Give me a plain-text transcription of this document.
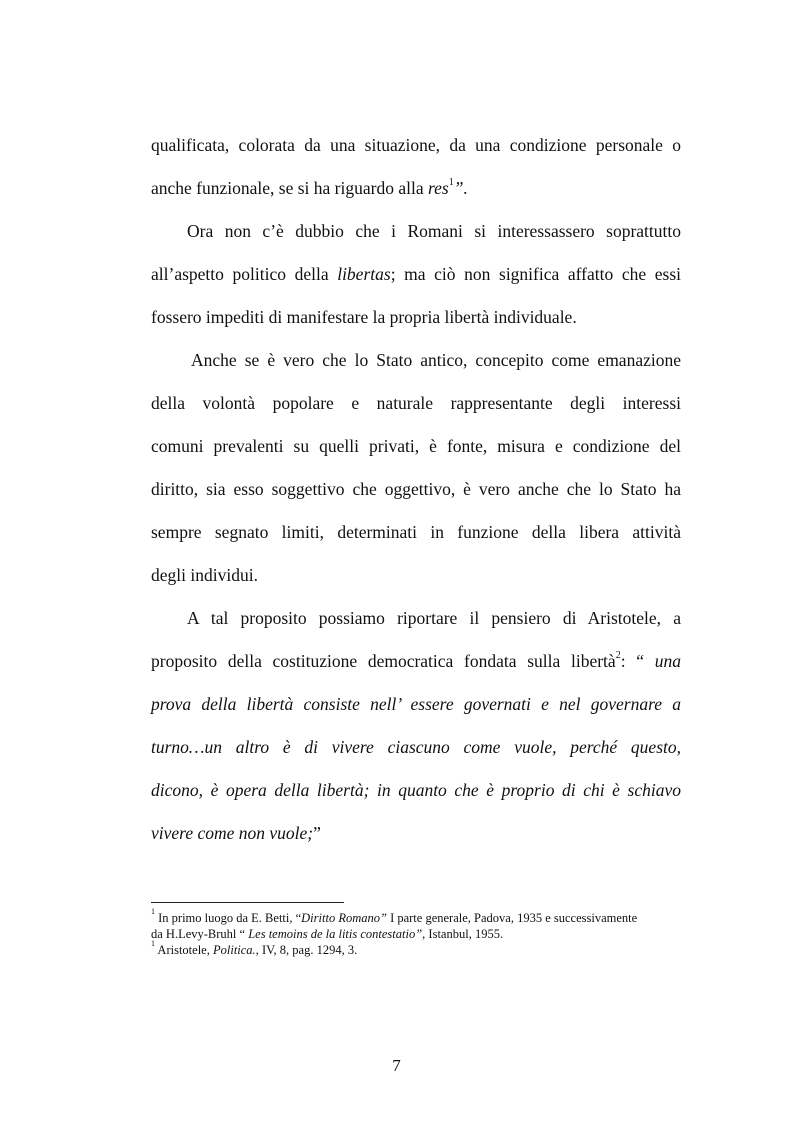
qualificata, colorata da una situazione, da una condizione personale o
anche funzionale, se si ha riguardo alla res$^1$”.
Ora non c’è dubbio che i Romani si interessassero soprattutto
all’aspetto politico della libertas; ma ciò non significa affatto che essi
fossero impediti di manifestare la propria libertà individuale.
Anche se è vero che lo Stato antico, concepito come emanazione
della volontà popolare e naturale rappresentante degli interessi
comuni prevalenti su quelli privati, è fonte, misura e condizione del
diritto, sia esso soggettivo che oggettivo, è vero anche che lo Stato ha
sempre segnato limiti, determinati in funzione della libera attività
degli individui.
A tal proposito possiamo riportare il pensiero di Aristotele, a
proposito della costituzione democratica fondata sulla libertà$^2$: “ una
prova della libertà consiste nell’ essere governati e nel governare a
turno…un altro è di vivere ciascuno come vuole, perché questo,
dicono, è opera della libertà; in quanto che è proprio di chi è schiavo
vivere come non vuole;”
$^1$ In primo luogo da E. Betti, “Diritto Romano” I parte generale, Padova, 1935 e successivamente
da H.Levy-Bruhl “ Les temoins de la litis contestatio”, Istanbul, 1955.
$^1$ Aristotele, Politica., IV, 8, pag. 1294, 3.
7
